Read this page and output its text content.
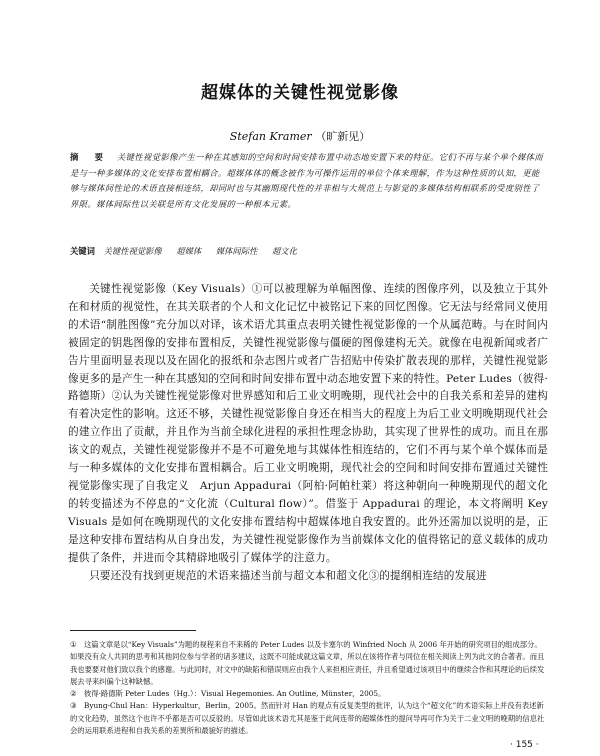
超媒体的关键性视觉影像
Stefan Kramer （旷新见）

摘　要 关键性视觉影像产生一种在其感知的空间和时间安排布置中动态地安置下来的特征。它们不再与某个单个媒体而是与一种多媒体的文化安排布置相耦合。超媒体体的概念被作为可操作运用的单位个体来理解，作为这种性质的认知，更能够与媒体间性论的术语直接相连结，却同时也与其幽期现代性的并非相与大规范上与影觉的多媒体结构相联系的受度别性了界限。媒体间际性以关联是所有文化发展的一种根本元素。

关键词 关键性视觉影像 超媒体 媒体间际性 超文化

关键性视觉影像（Key Visuals）①可以被理解为单幅图像、连续的图像序列，以及独立于其外在和材质的视觉性，在其关联者的个人和文化记忆中被铭记下来的回忆图像。它无法与经常同义使用的术语“制胜图像”充分加以对译，该术语尤其重点表明关键性视觉影像的一个从属范畴。与在时间内被固定的钥匙图像的安排布置相反，关键性视觉影像与僵硬的图像建构无关。就像在电视新闻或者广告片里面明显表现以及在固化的报纸和杂志图片或者广告招贴中传染扩散表现的那样，关键性视觉影像更多的是产生一种在其感知的空间和时间安排布置中动态地安置下来的特性。Peter Ludes（彼得·路德斯）②认为关键性视觉影像对世界感知和后工业文明晚期，现代社会中的自我关系和差异的建构有着决定性的影响。这还不够，关键性视觉影像自身还在相当大的程度上为后工业文明晚期现代社会的建立作出了贡献，并且作为当前全球化进程的承担性理念协助，其实现了世界性的成功。而且在那该文的观点，关键性视觉影像并不是不可避免地与其媒体性相连结的，它们不再与某个单个媒体而是与一种多媒体的文化安排布置相耦合。后工业文明晚期，现代社会的空间和时间安排布置通过关键性视觉影像实现了自我定义　Arjun Appadurai（阿柏·阿帕杜莱）将这种朝向一种晚期现代的超文化的转变描述为不停息的“文化流（Cultural flow）”。借鉴于 Appadurai 的理论，本文将阐明 Key Visuals 是如何在晚期现代的文化安排布置结构中超媒体地自我安置的。此外还需加以说明的是，正是这种安排布置结构从自身出发，为关键性视觉影像作为当前媒体文化的值得铭记的意义载体的成功提供了条件，并进而令其精辟地吸引了媒体学的注意力。

只要还没有找到更规范的术语来描述当前与超文本和超文化③的提纲相连结的发展进

① 这篇文章是以“Key Visuals”为题的视程来自不来稀的 Peter Ludes 以及卡塞尔的 Winfried Noch 从 2006 年开始的研究项目的组成部分。如果没有众人共同的思考和其他同位参与学者的诸多建议，这既不可能成就这篇文章，所以在该将作者与同位在相关阅读上列为此文的合著者。而且我也要要对他们致以我个的感谢。与此同时，对文中的缺陷和错误则应由我个人来担相应责任，并且希望通过该项目中的继续合作和其理论的后续发展去寻来纠偏个这种缺憾。

② 彼得·路德斯 Peter Ludes（Hg.）：Visual Hegemonies. An Outline, Münster，2005。

③ Byung-Chul Han：Hyperkultur，Berlin，2005。然而针对 Han 的观点有反复类型的批评，认为这个“超文化”的术语实际上并没有表述新的文化趋势，虽然这个也许不乎都是否可以反驳的。尽管如此该术语尤其是鉴于此间连带的超媒体性的提问导再可作为关于二业文明的晚期的信息社会的运用联系进程和自我关系的差異所和最貌好的描述。

· 155 ·
